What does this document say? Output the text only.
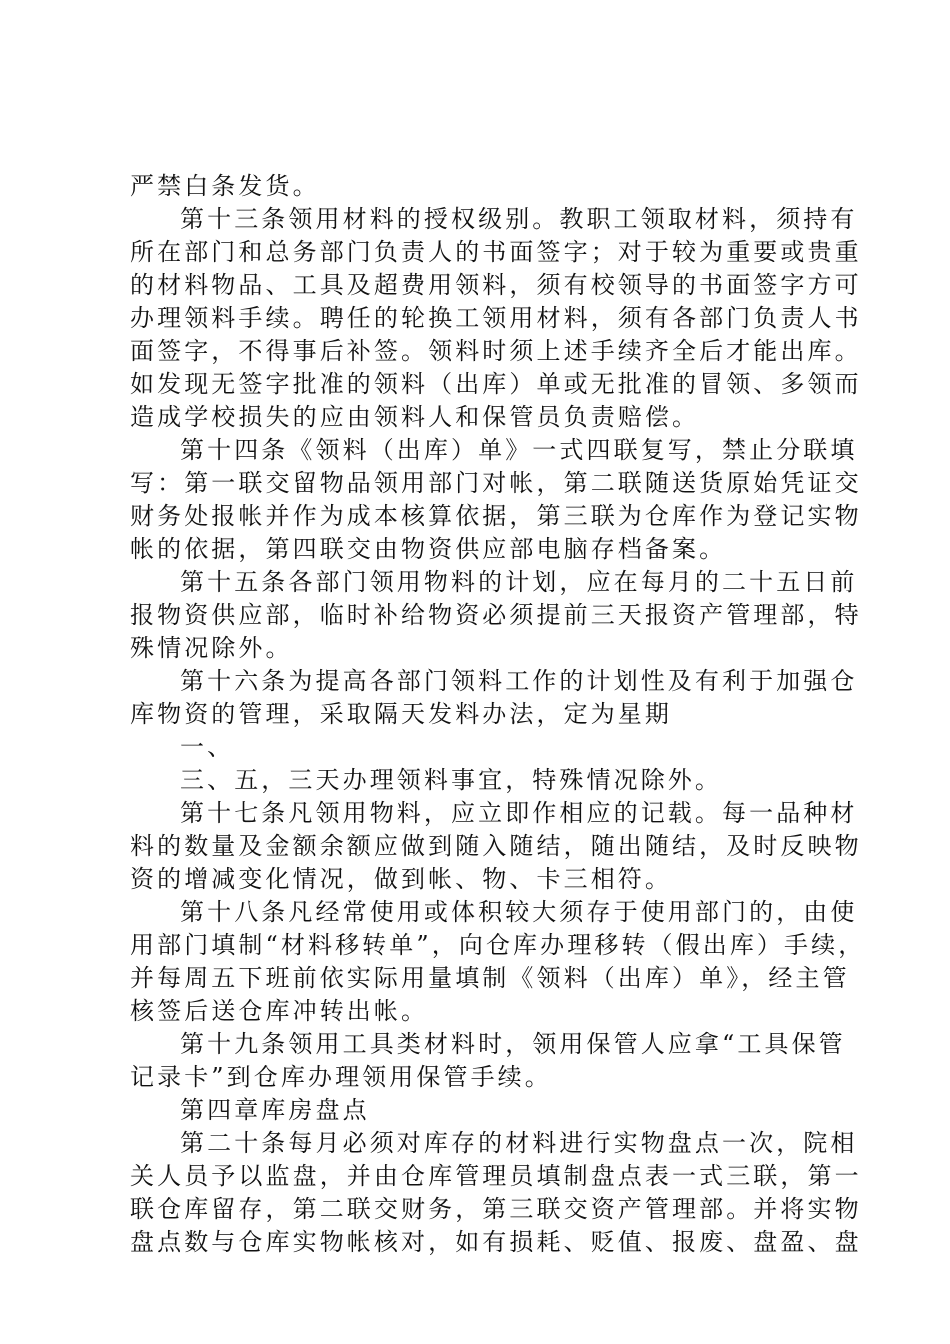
严禁白条发货。
第十三条领用材料的授权级别。教职工领取材料，须持有
所在部门和总务部门负责人的书面签字；对于较为重要或贵重
的材料物品、工具及超费用领料，须有校领导的书面签字方可
办理领料手续。聘任的轮换工领用材料，须有各部门负责人书
面签字，不得事后补签。领料时须上述手续齐全后才能出库。
如发现无签字批准的领料（出库）单或无批准的冒领、多领而
造成学校损失的应由领料人和保管员负责赔偿。
第十四条《领料（出库）单》一式四联复写，禁止分联填
写：第一联交留物品领用部门对帐，第二联随送货原始凭证交
财务处报帐并作为成本核算依据，第三联为仓库作为登记实物
帐的依据，第四联交由物资供应部电脑存档备案。
第十五条各部门领用物料的计划，应在每月的二十五日前
报物资供应部，临时补给物资必须提前三天报资产管理部，特
殊情况除外。
第十六条为提高各部门领料工作的计划性及有利于加强仓
库物资的管理，采取隔天发料办法，定为星期
一、
三、五，三天办理领料事宜，特殊情况除外。
第十七条凡领用物料，应立即作相应的记载。每一品种材
料的数量及金额余额应做到随入随结，随出随结，及时反映物
资的增减变化情况，做到帐、物、卡三相符。
第十八条凡经常使用或体积较大须存于使用部门的，由使
用部门填制“材料移转单”，向仓库办理移转（假出库）手续，
并每周五下班前依实际用量填制《领料（出库）单》，经主管
核签后送仓库冲转出帐。
第十九条领用工具类材料时，领用保管人应拿“工具保管
记录卡”到仓库办理领用保管手续。
第四章库房盘点
第二十条每月必须对库存的材料进行实物盘点一次，院相
关人员予以监盘，并由仓库管理员填制盘点表一式三联，第一
联仓库留存，第二联交财务，第三联交资产管理部。并将实物
盘点数与仓库实物帐核对，如有损耗、贬值、报废、盘盈、盘
